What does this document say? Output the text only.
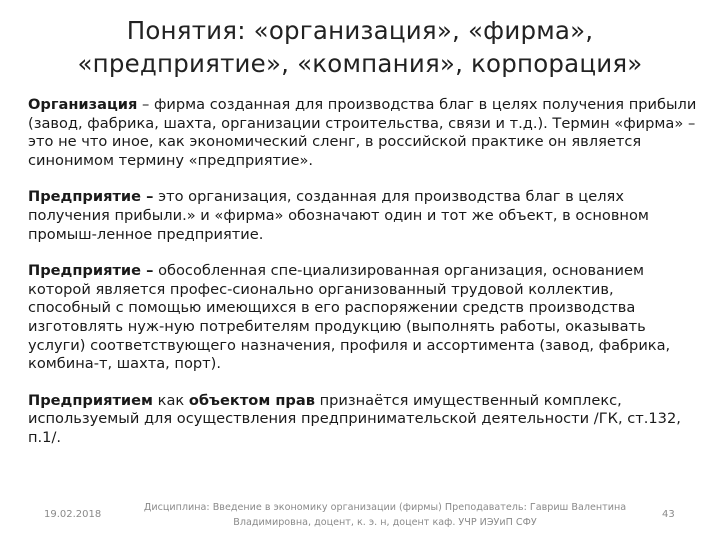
Понятия: «организация», «фирма»,
«предприятие», «компания», корпорация»

Организация – фирма созданная для производства благ в целях получения прибыли (завод, фабрика, шахта, организации строительства, связи и т.д.). Термин «фирма» – это не что иное, как экономический сленг, в российской практике он является синонимом термину «предприятие».

Предприятие – это организация, созданная для производства благ в целях получения прибыли.» и «фирма» обозначают один и тот же объект, в основном промыш-ленное предприятие.

Предприятие – обособленная спе-циализированная организация, основанием которой является профес-сионально организованный трудовой коллектив, способный с помощью имеющихся в его распоряжении средств производства изготовлять нуж-ную потребителям продукцию (выполнять работы, оказывать услуги) соответствующего назначения, профиля и ассортимента (завод, фабрика, комбина-т, шахта, порт).

Предприятием как объектом прав признаётся имущественный комплекс, используемый для осуществления предпринимательской деятельности /ГК, ст.132, п.1/.

19.02.2018
Дисциплина: Введение в экономику организации (фирмы) Преподаватель: Гавриш Валентина
Владимировна, доцент, к. э. н, доцент каф. УЧР ИЭУиП СФУ
43
